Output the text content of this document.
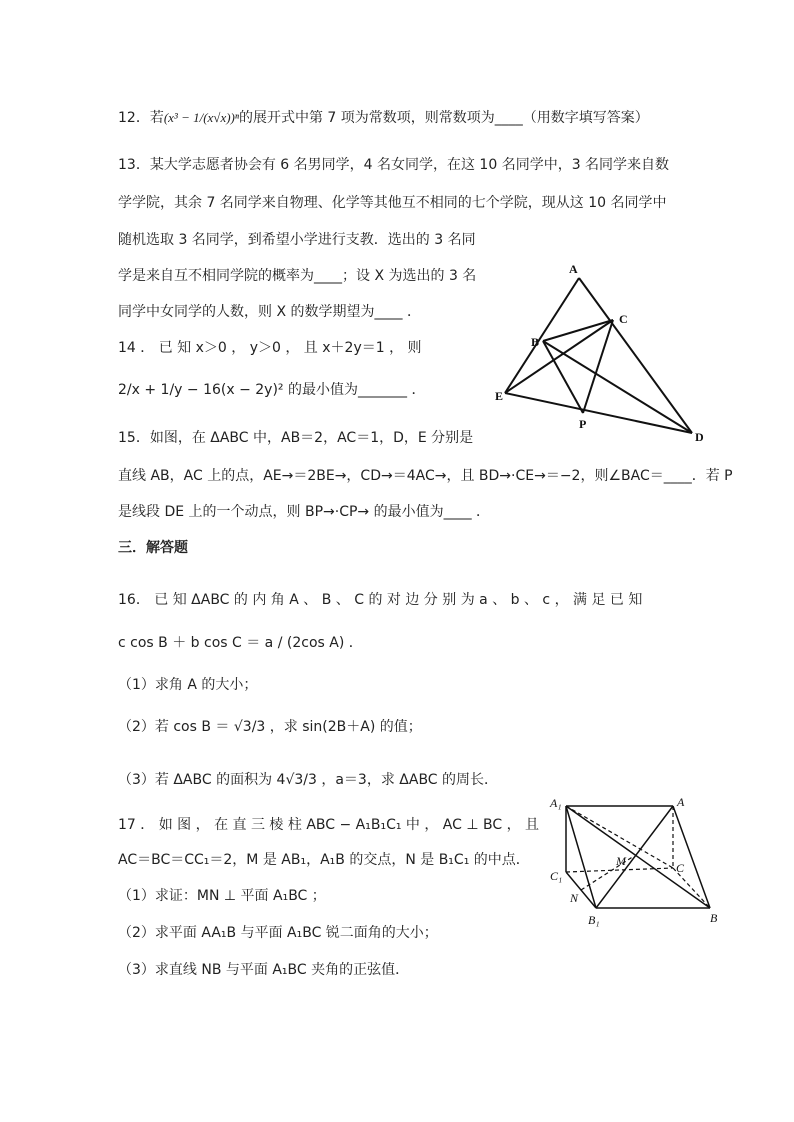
12．若(x³ − 1/(x√x))ⁿ的展开式中第 7 项为常数项，则常数项为____（用数字填写答案）
13．某大学志愿者协会有 6 名男同学，4 名女同学，在这 10 名同学中，3 名同学来自数
学学院，其余 7 名同学来自物理、化学等其他互不相同的七个学院，现从这 10 名同学中
随机选取 3 名同学，到希望小学进行支教．选出的 3 名同
学是来自互不相同学院的概率为____；设 X 为选出的 3 名
同学中女同学的人数，则 X 的数学期望为____ ．
14 ． 已 知 x＞0 ， y＞0 ， 且 x＋2y＝1 ， 则
2/x + 1/y − 16(x − 2y)² 的最小值为_______ ．
15．如图，在 ΔABC 中，AB＝2，AC＝1，D，E 分别是
直线 AB，AC 上的点，AE→＝2BE→，CD→＝4AC→，且 BD→·CE→＝−2，则∠BAC＝____．若 P
是线段 DE 上的一个动点，则 BP→·CP→ 的最小值为____ ．
三．解答题
16． 已 知 ΔABC 的 内 角 A 、 B 、 C 的 对 边 分 别 为 a 、 b 、 c ， 满 足 已 知
c cos B ＋ b cos C ＝ a / (2cos A) ．
（1）求角 A 的大小；
（2）若 cos B ＝ √3/3 ，求 sin(2B＋A) 的值；
（3）若 ΔABC 的面积为 4√3/3 ，a＝3，求 ΔABC 的周长．
17 ． 如 图 ， 在 直 三 棱 柱 ABC − A₁B₁C₁ 中 ， AC ⊥ BC ， 且
AC＝BC＝CC₁＝2，M 是 AB₁，A₁B 的交点，N 是 B₁C₁ 的中点．
（1）求证：MN ⊥ 平面 A₁BC ；
（2）求平面 AA₁B 与平面 A₁BC 锐二面角的大小；
（3）求直线 NB 与平面 A₁BC 夹角的正弦值．
A
C
B
E
P
D
A₁	A
M	C
C₁
N
B₁	B
